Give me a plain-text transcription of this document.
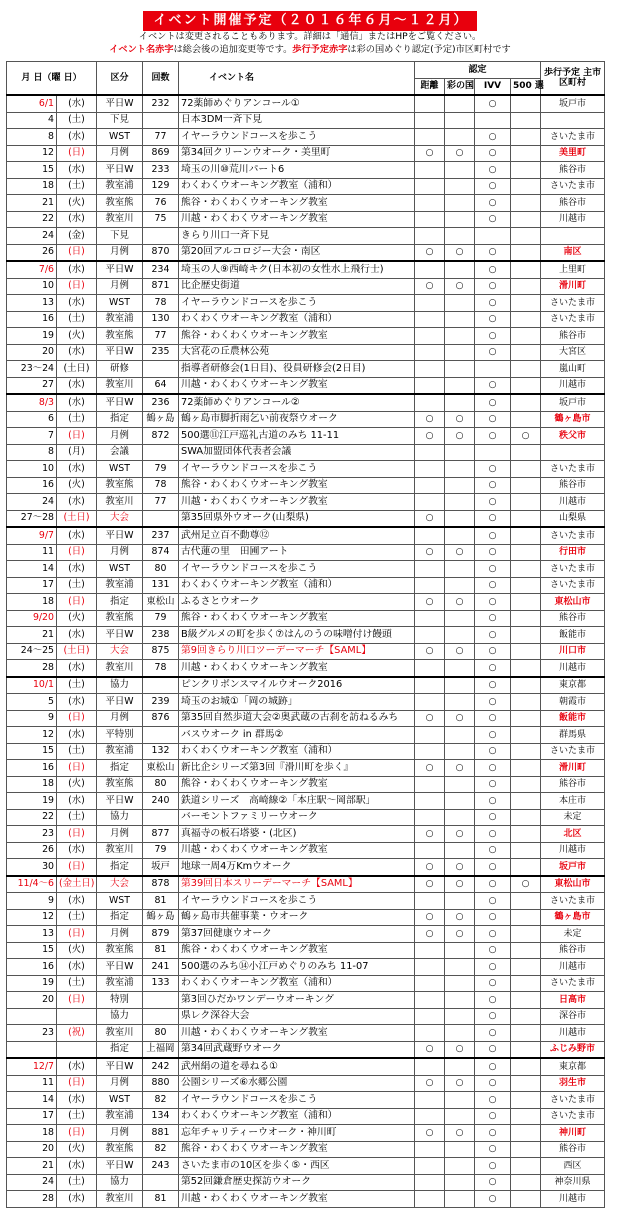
イベント開催予定（２０１６年６月～１２月）
イベントは変更されることもあります。詳細は「通信」またはHPをご覧ください。
イベント名赤字は総会後の追加変更等です。歩行予定赤字は彩の国めぐり認定(予定)市区町村です
月 日（曜 日）		区分	回数	イベント名	認定				歩行予定 主市区町村
					距離	彩の国	IVV	500 選	
6/1	(水)	平日W	232	72薬師めぐりアンコール①			○		坂戸市
4	(土)	下見		日本3DM一斉下見					
8	(水)	WST	77	イヤーラウンドコースを歩こう			○		さいたま市
12	(日)	月例	869	第34回クリーンウオーク・美里町	○	○	○		美里町
15	(水)	平日W	233	埼玉の川⑩荒川パート6			○		熊谷市
18	(土)	教室浦	129	わくわくウオーキング教室（浦和）			○		さいたま市
21	(火)	教室熊	76	熊谷・わくわくウオーキング教室			○		熊谷市
22	(水)	教室川	75	川越・わくわくウオーキング教室			○		川越市
24	(金)	下見		きらり川口一斉下見					
26	(日)	月例	870	第20回アルコロジー大会・南区	○	○	○		南区
7/6	(水)	平日W	234	埼玉の人⑨西崎キク(日本初の女性水上飛行士)			○		上里町
10	(日)	月例	871	比企歴史街道	○	○	○		滑川町
13	(水)	WST	78	イヤーラウンドコースを歩こう			○		さいたま市
16	(土)	教室浦	130	わくわくウオーキング教室（浦和）			○		さいたま市
19	(火)	教室熊	77	熊谷・わくわくウオーキング教室			○		熊谷市
20	(水)	平日W	235	大宮花の丘農林公苑			○		大宮区
23～24	(土日)	研修		指導者研修会(1日目)、役員研修会(2日目)					嵐山町
27	(水)	教室川	64	川越・わくわくウオーキング教室			○		川越市
8/3	(水)	平日W	236	72薬師めぐりアンコール②			○		坂戸市
6	(土)	指定	鶴ヶ島	鶴ヶ島市脚折雨乞い前夜祭ウオーク	○	○	○		鶴ヶ島市
7	(日)	月例	872	500選⑪江戸巡礼古道のみち 11-11	○	○	○	○	秩父市
8	(月)	会議		SWA加盟団体代表者会議					
10	(水)	WST	79	イヤーラウンドコースを歩こう			○		さいたま市
16	(火)	教室熊	78	熊谷・わくわくウオーキング教室			○		熊谷市
24	(水)	教室川	77	川越・わくわくウオーキング教室			○		川越市
27～28	(土日)	大会		第35回県外ウオーク(山梨県)	○		○		山梨県
9/7	(水)	平日W	237	武州足立百不動尊⑫			○		さいたま市
11	(日)	月例	874	古代蓮の里　田圃アート	○	○	○		行田市
14	(水)	WST	80	イヤーラウンドコースを歩こう			○		さいたま市
17	(土)	教室浦	131	わくわくウオーキング教室（浦和）			○		さいたま市
18	(日)	指定	東松山	ふるさとウオーク	○	○	○		東松山市
9/20	(火)	教室熊	79	熊谷・わくわくウオーキング教室			○		熊谷市
21	(水)	平日W	238	B級グルメの町を歩く⑦はんのうの味噌付け饅頭			○		飯能市
24～25	(土日)	大会	875	第9回きらり川口ツーデーマーチ【SAML】	○	○	○		川口市
28	(水)	教室川	78	川越・わくわくウオーキング教室			○		川越市
10/1	(土)	協力		ピンクリボンスマイルウオーク2016			○		東京都
5	(水)	平日W	239	埼玉のお城①「岡の城跡」			○		朝霞市
9	(日)	月例	876	第35回自然歩道大会②奥武蔵の古刹を訪ねるみち	○	○	○		飯能市
12	(水)	平特別		バスウオーク in 群馬②			○		群馬県
15	(土)	教室浦	132	わくわくウオーキング教室（浦和）			○		さいたま市
16	(日)	指定	東松山	新比企シリーズ第3回『滑川町を歩く』	○	○	○		滑川町
18	(火)	教室熊	80	熊谷・わくわくウオーキング教室			○		熊谷市
19	(水)	平日W	240	鉄道シリーズ　高崎線②「本庄駅～岡部駅」			○		本庄市
22	(土)	協力		バーモントファミリーウオーク			○		未定
23	(日)	月例	877	真福寺の板石塔婆・(北区)	○	○	○		北区
26	(水)	教室川	79	川越・わくわくウオーキング教室			○		川越市
30	(日)	指定	坂戸	地球一周4万Kmウオーク	○	○	○		坂戸市
11/4～6	(金土日)	大会	878	第39回日本スリーデーマーチ【SAML】	○	○	○	○	東松山市
9	(水)	WST	81	イヤーラウンドコースを歩こう			○		さいたま市
12	(土)	指定	鶴ヶ島	鶴ヶ島市共催事業・ウオーク	○	○	○		鶴ヶ島市
13	(日)	月例	879	第37回健康ウオーク	○	○	○		未定
15	(火)	教室熊	81	熊谷・わくわくウオーキング教室			○		熊谷市
16	(水)	平日W	241	500選のみち⑭小江戸めぐりのみち 11-07			○		川越市
19	(土)	教室浦	133	わくわくウオーキング教室（浦和）			○		さいたま市
20	(日)	特別		第3回ひだかワンデーウオーキング			○		日高市
		協力		県レク深谷大会			○		深谷市
23	(祝)	教室川	80	川越・わくわくウオーキング教室			○		川越市
		指定	上福岡	第34回武蔵野ウオーク	○	○	○		ふじみ野市
12/7	(水)	平日W	242	武州絹の道を尋ねる①			○		東京都
11	(日)	月例	880	公園シリーズ⑥水郷公園	○	○	○		羽生市
14	(水)	WST	82	イヤーラウンドコースを歩こう			○		さいたま市
17	(土)	教室浦	134	わくわくウオーキング教室（浦和）			○		さいたま市
18	(日)	月例	881	忘年チャリティーウオーク・神川町	○	○	○		神川町
20	(火)	教室熊	82	熊谷・わくわくウオーキング教室			○		熊谷市
21	(水)	平日W	243	さいたま市の10区を歩く⑤・西区			○		西区
24	(土)	協力		第52回鎌倉歴史探訪ウオーク			○		神奈川県
28	(水)	教室川	81	川越・わくわくウオーキング教室			○		川越市
